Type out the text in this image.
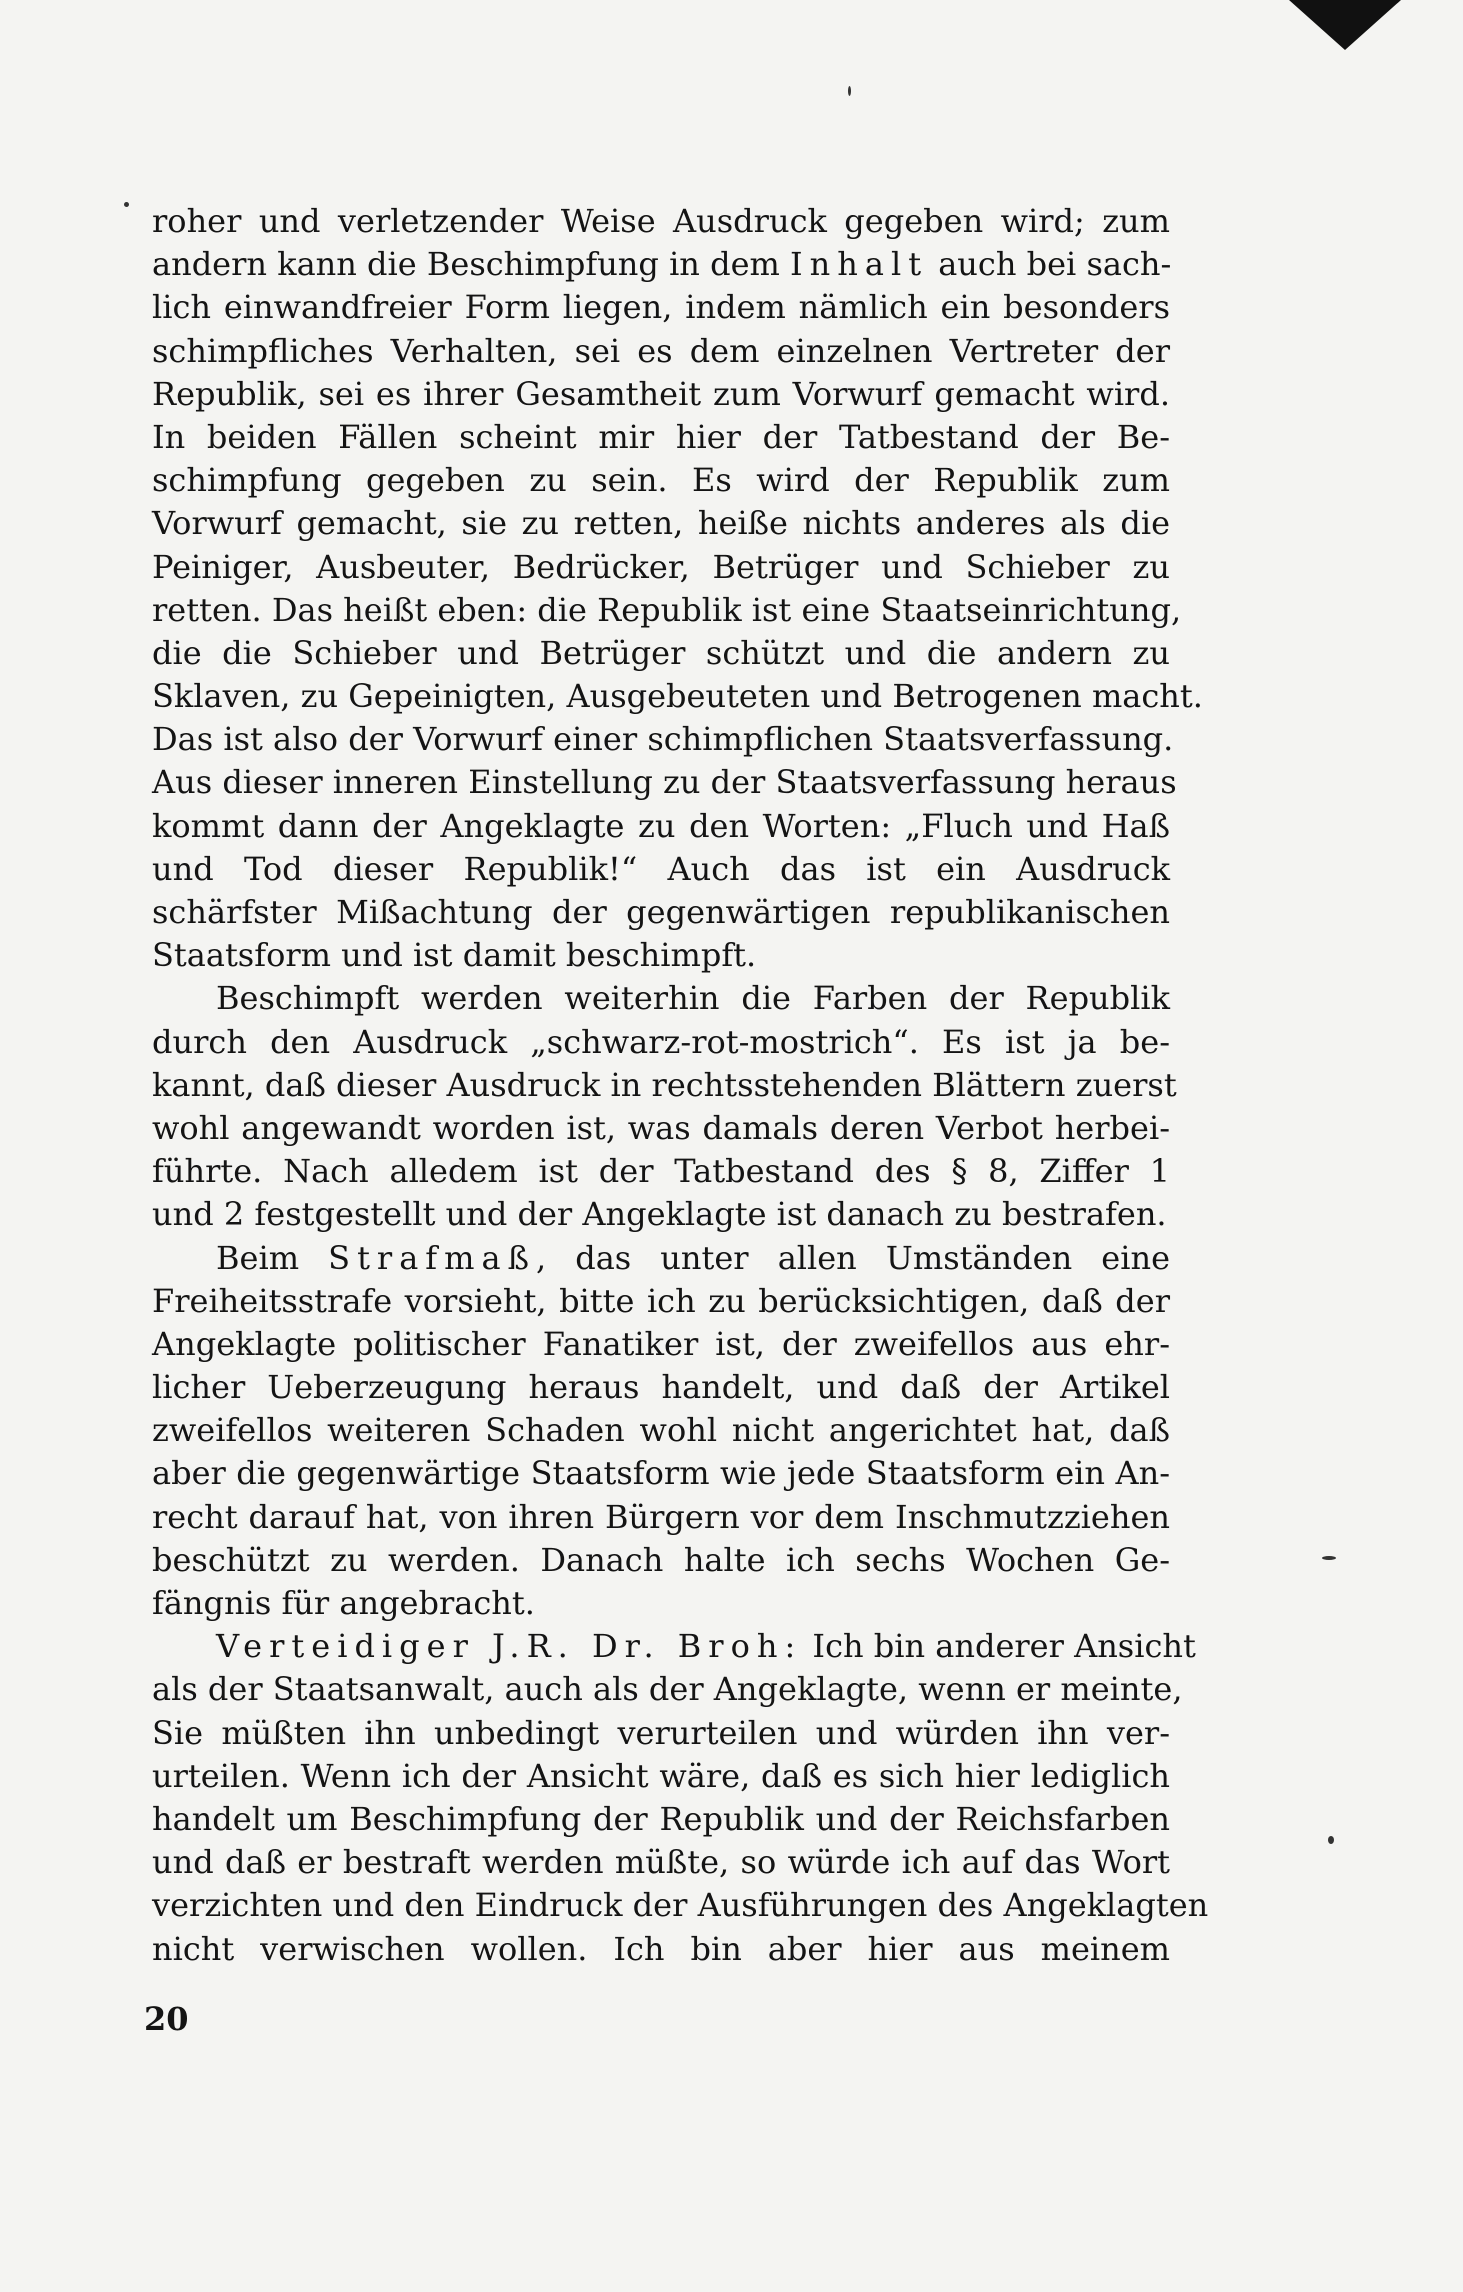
roher und verletzender Weise Ausdruck gegeben wird; zum
andern kann die Beschimpfung in dem Inhalt auch bei sach-
lich einwandfreier Form liegen, indem nämlich ein besonders
schimpfliches Verhalten, sei es dem einzelnen Vertreter der
Republik, sei es ihrer Gesamtheit zum Vorwurf gemacht wird.
In beiden Fällen scheint mir hier der Tatbestand der Be-
schimpfung gegeben zu sein. Es wird der Republik zum
Vorwurf gemacht, sie zu retten, heiße nichts anderes als die
Peiniger, Ausbeuter, Bedrücker, Betrüger und Schieber zu
retten. Das heißt eben: die Republik ist eine Staatseinrichtung,
die die Schieber und Betrüger schützt und die andern zu
Sklaven, zu Gepeinigten, Ausgebeuteten und Betrogenen macht.
Das ist also der Vorwurf einer schimpflichen Staatsverfassung.
Aus dieser inneren Einstellung zu der Staatsverfassung heraus
kommt dann der Angeklagte zu den Worten: „Fluch und Haß
und Tod dieser Republik!“ Auch das ist ein Ausdruck
schärfster Mißachtung der gegenwärtigen republikanischen
Staatsform und ist damit beschimpft.
Beschimpft werden weiterhin die Farben der Republik
durch den Ausdruck „schwarz-rot-mostrich“. Es ist ja be-
kannt, daß dieser Ausdruck in rechtsstehenden Blättern zuerst
wohl angewandt worden ist, was damals deren Verbot herbei-
führte. Nach alledem ist der Tatbestand des § 8, Ziffer 1
und 2 festgestellt und der Angeklagte ist danach zu bestrafen.
Beim Strafmaß, das unter allen Umständen eine
Freiheitsstrafe vorsieht, bitte ich zu berücksichtigen, daß der
Angeklagte politischer Fanatiker ist, der zweifellos aus ehr-
licher Ueberzeugung heraus handelt, und daß der Artikel
zweifellos weiteren Schaden wohl nicht angerichtet hat, daß
aber die gegenwärtige Staatsform wie jede Staatsform ein An-
recht darauf hat, von ihren Bürgern vor dem Inschmutzziehen
beschützt zu werden. Danach halte ich sechs Wochen Ge-
fängnis für angebracht.
Verteidiger J.R. Dr. Broh: Ich bin anderer Ansicht
als der Staatsanwalt, auch als der Angeklagte, wenn er meinte,
Sie müßten ihn unbedingt verurteilen und würden ihn ver-
urteilen. Wenn ich der Ansicht wäre, daß es sich hier lediglich
handelt um Beschimpfung der Republik und der Reichsfarben
und daß er bestraft werden müßte, so würde ich auf das Wort
verzichten und den Eindruck der Ausführungen des Angeklagten
nicht verwischen wollen. Ich bin aber hier aus meinem
20
